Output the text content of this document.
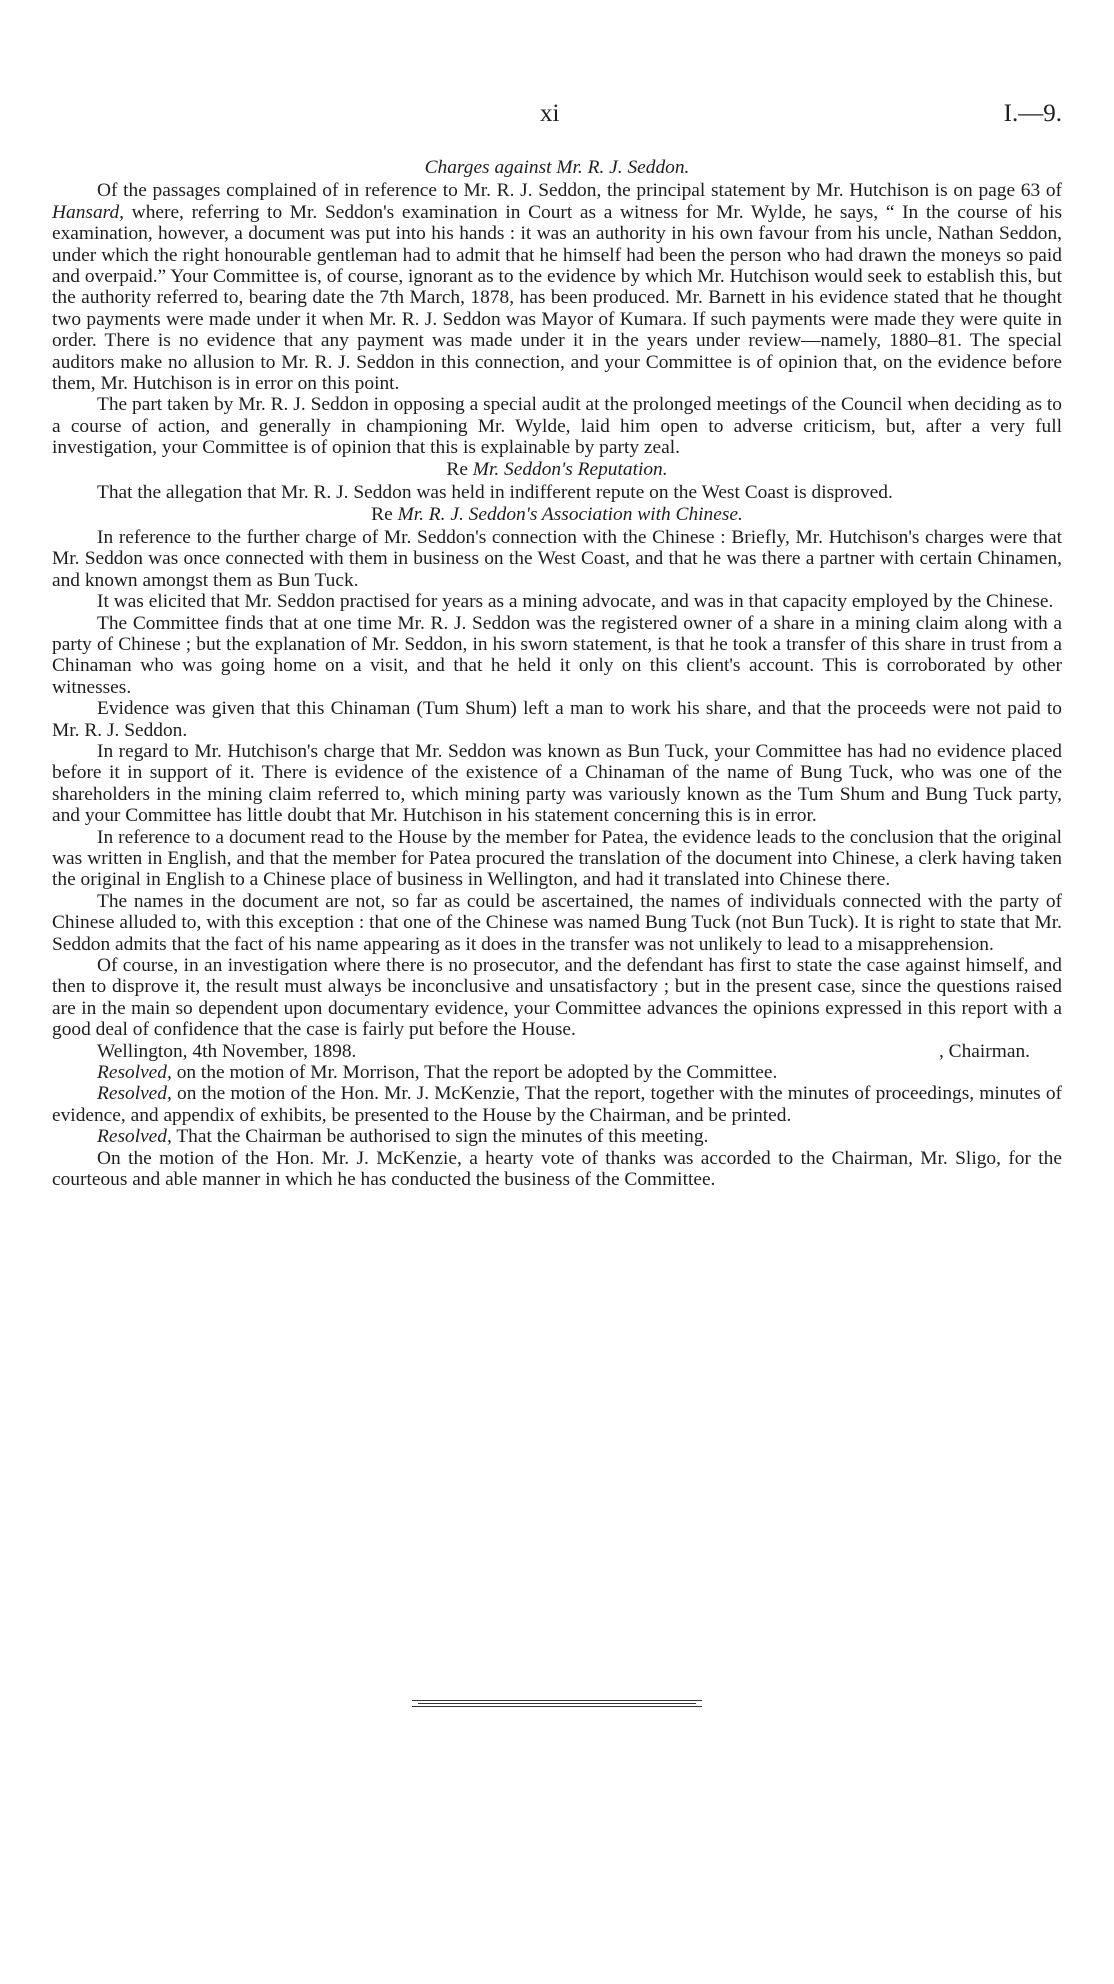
xi	I.—9.
Charges against Mr. R. J. Seddon.

Of the passages complained of in reference to Mr. R. J. Seddon, the principal statement by Mr. Hutchison is on page 63 of Hansard, where, referring to Mr. Seddon's examination in Court as a witness for Mr. Wylde, he says, “ In the course of his examination, however, a document was put into his hands : it was an authority in his own favour from his uncle, Nathan Seddon, under which the right honourable gentleman had to admit that he himself had been the person who had drawn the moneys so paid and overpaid.” Your Committee is, of course, ignorant as to the evidence by which Mr. Hutchison would seek to establish this, but the authority referred to, bearing date the 7th March, 1878, has been produced. Mr. Barnett in his evidence stated that he thought two payments were made under it when Mr. R. J. Seddon was Mayor of Kumara. If such payments were made they were quite in order. There is no evidence that any payment was made under it in the years under review—namely, 1880–81. The special auditors make no allusion to Mr. R. J. Seddon in this connection, and your Committee is of opinion that, on the evidence before them, Mr. Hutchison is in error on this point.

The part taken by Mr. R. J. Seddon in opposing a special audit at the prolonged meetings of the Council when deciding as to a course of action, and generally in championing Mr. Wylde, laid him open to adverse criticism, but, after a very full investigation, your Committee is of opinion that this is explainable by party zeal.

Re Mr. Seddon's Reputation.

That the allegation that Mr. R. J. Seddon was held in indifferent repute on the West Coast is disproved.

Re Mr. R. J. Seddon's Association with Chinese.

In reference to the further charge of Mr. Seddon's connection with the Chinese : Briefly, Mr. Hutchison's charges were that Mr. Seddon was once connected with them in business on the West Coast, and that he was there a partner with certain Chinamen, and known amongst them as Bun Tuck.

It was elicited that Mr. Seddon practised for years as a mining advocate, and was in that capacity employed by the Chinese.

The Committee finds that at one time Mr. R. J. Seddon was the registered owner of a share in a mining claim along with a party of Chinese ; but the explanation of Mr. Seddon, in his sworn statement, is that he took a transfer of this share in trust from a Chinaman who was going home on a visit, and that he held it only on this client's account. This is corroborated by other witnesses.

Evidence was given that this Chinaman (Tum Shum) left a man to work his share, and that the proceeds were not paid to Mr. R. J. Seddon.

In regard to Mr. Hutchison's charge that Mr. Seddon was known as Bun Tuck, your Committee has had no evidence placed before it in support of it. There is evidence of the existence of a Chinaman of the name of Bung Tuck, who was one of the shareholders in the mining claim referred to, which mining party was variously known as the Tum Shum and Bung Tuck party, and your Committee has little doubt that Mr. Hutchison in his statement concerning this is in error.

In reference to a document read to the House by the member for Patea, the evidence leads to the conclusion that the original was written in English, and that the member for Patea procured the translation of the document into Chinese, a clerk having taken the original in English to a Chinese place of business in Wellington, and had it translated into Chinese there.

The names in the document are not, so far as could be ascertained, the names of individuals connected with the party of Chinese alluded to, with this exception : that one of the Chinese was named Bung Tuck (not Bun Tuck). It is right to state that Mr. Seddon admits that the fact of his name appearing as it does in the transfer was not unlikely to lead to a misapprehension.

Of course, in an investigation where there is no prosecutor, and the defendant has first to state the case against himself, and then to disprove it, the result must always be inconclusive and unsatisfactory ; but in the present case, since the questions raised are in the main so dependent upon documentary evidence, your Committee advances the opinions expressed in this report with a good deal of confidence that the case is fairly put before the House.

Wellington, 4th November, 1898.	, Chairman.

Resolved, on the motion of Mr. Morrison, That the report be adopted by the Committee.

Resolved, on the motion of the Hon. Mr. J. McKenzie, That the report, together with the minutes of proceedings, minutes of evidence, and appendix of exhibits, be presented to the House by the Chairman, and be printed.

Resolved, That the Chairman be authorised to sign the minutes of this meeting.

On the motion of the Hon. Mr. J. McKenzie, a hearty vote of thanks was accorded to the Chairman, Mr. Sligo, for the courteous and able manner in which he has conducted the business of the Committee.
